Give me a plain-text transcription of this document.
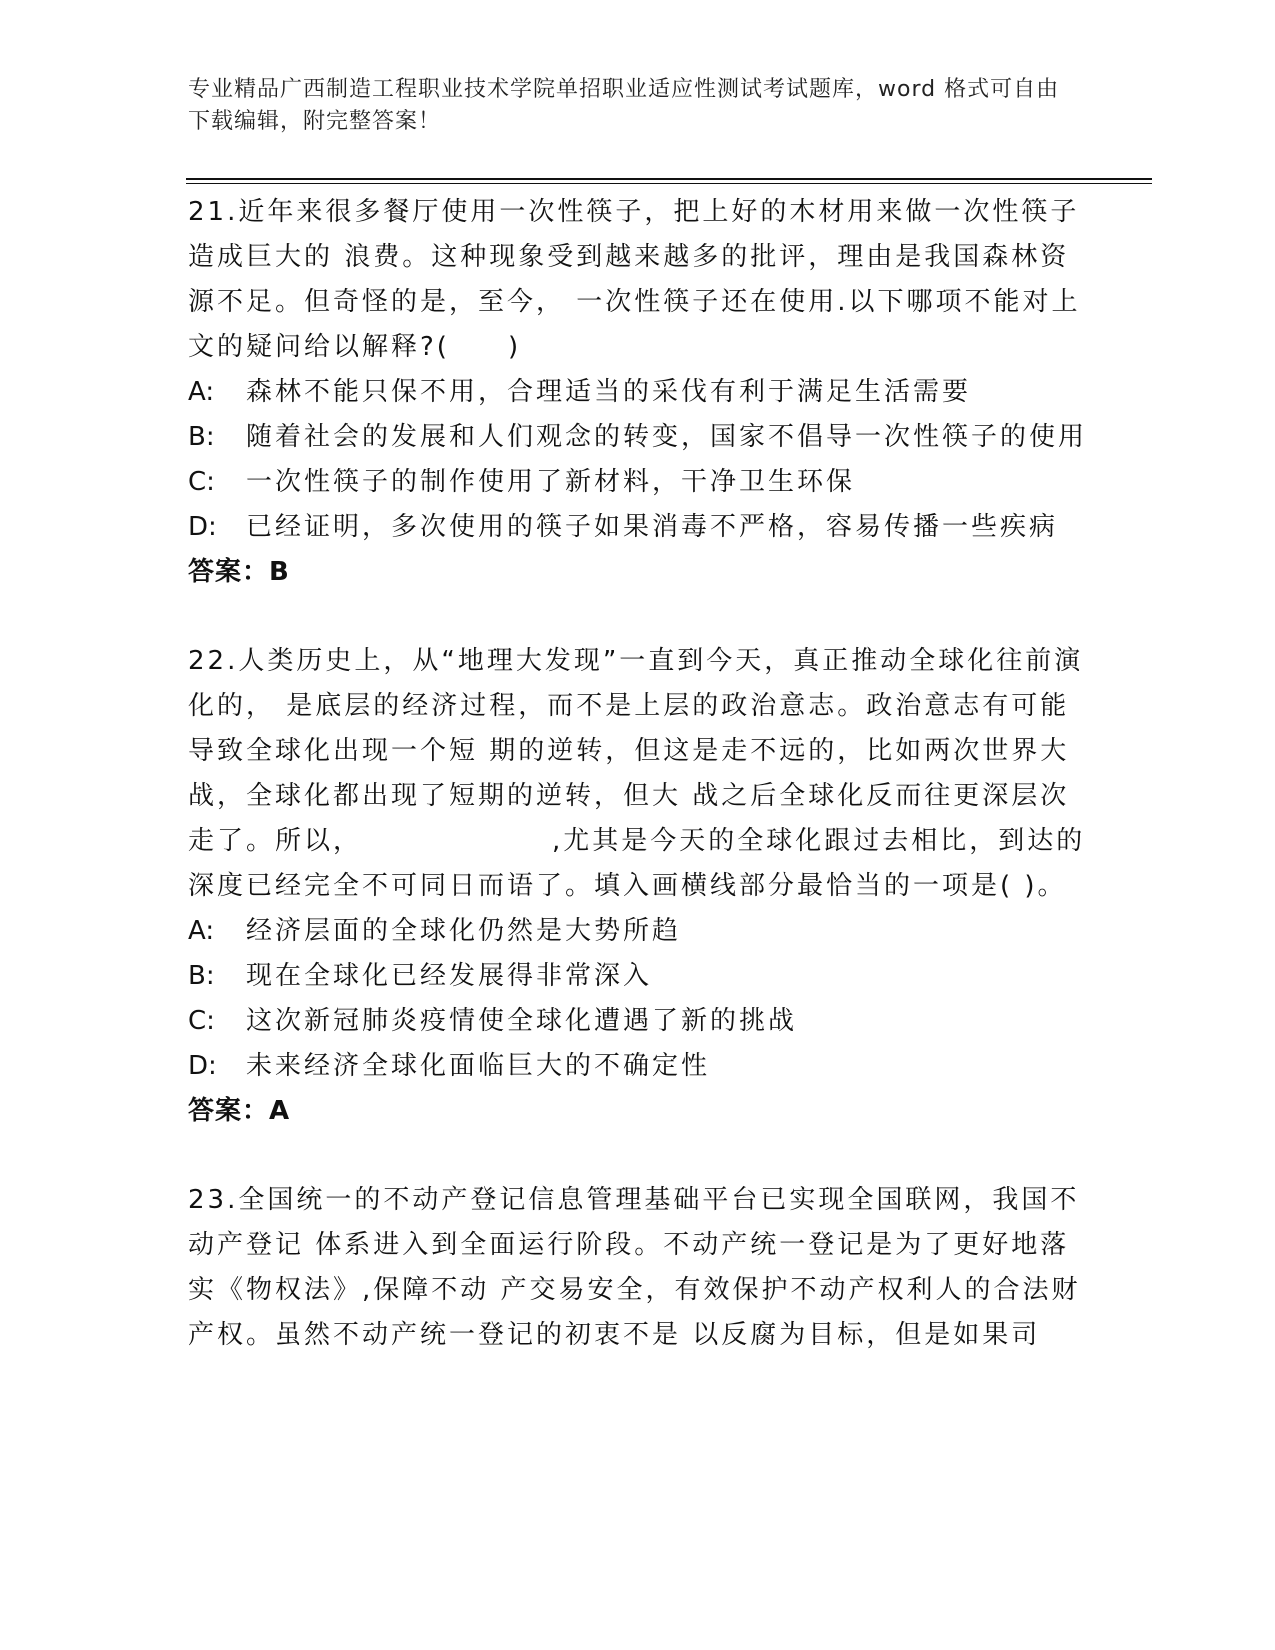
专业精品广西制造工程职业技术学院单招职业适应性测试考试题库，word 格式可自由下载编辑，附完整答案！
21.近年来很多餐厅使用一次性筷子，把上好的木材用来做一次性筷子造成巨大的 浪费。这种现象受到越来越多的批评，理由是我国森林资源不足。但奇怪的是，至今， 一次性筷子还在使用.以下哪项不能对上文的疑问给以解释?(　　)
A: 森林不能只保不用，合理适当的采伐有利于满足生活需要
B: 随着社会的发展和人们观念的转变，国家不倡导一次性筷子的使用
C: 一次性筷子的制作使用了新材料，干净卫生环保
D: 已经证明，多次使用的筷子如果消毒不严格，容易传播一些疾病
答案：B
22.人类历史上，从“地理大发现”一直到今天，真正推动全球化往前演化的， 是底层的经济过程，而不是上层的政治意志。政治意志有可能导致全球化出现一个短 期的逆转，但这是走不远的，比如两次世界大战，全球化都出现了短期的逆转，但大 战之后全球化反而往更深层次走了。所以，　　　　　　　,尤其是今天的全球化跟过去相比，到达的深度已经完全不可同日而语了。填入画横线部分最恰当的一项是( )。
A: 经济层面的全球化仍然是大势所趋
B: 现在全球化已经发展得非常深入
C: 这次新冠肺炎疫情使全球化遭遇了新的挑战
D: 未来经济全球化面临巨大的不确定性
答案：A
23.全国统一的不动产登记信息管理基础平台已实现全国联网，我国不动产登记 体系进入到全面运行阶段。不动产统一登记是为了更好地落实《物权法》,保障不动 产交易安全，有效保护不动产权利人的合法财产权。虽然不动产统一登记的初衷不是 以反腐为目标，但是如果司
